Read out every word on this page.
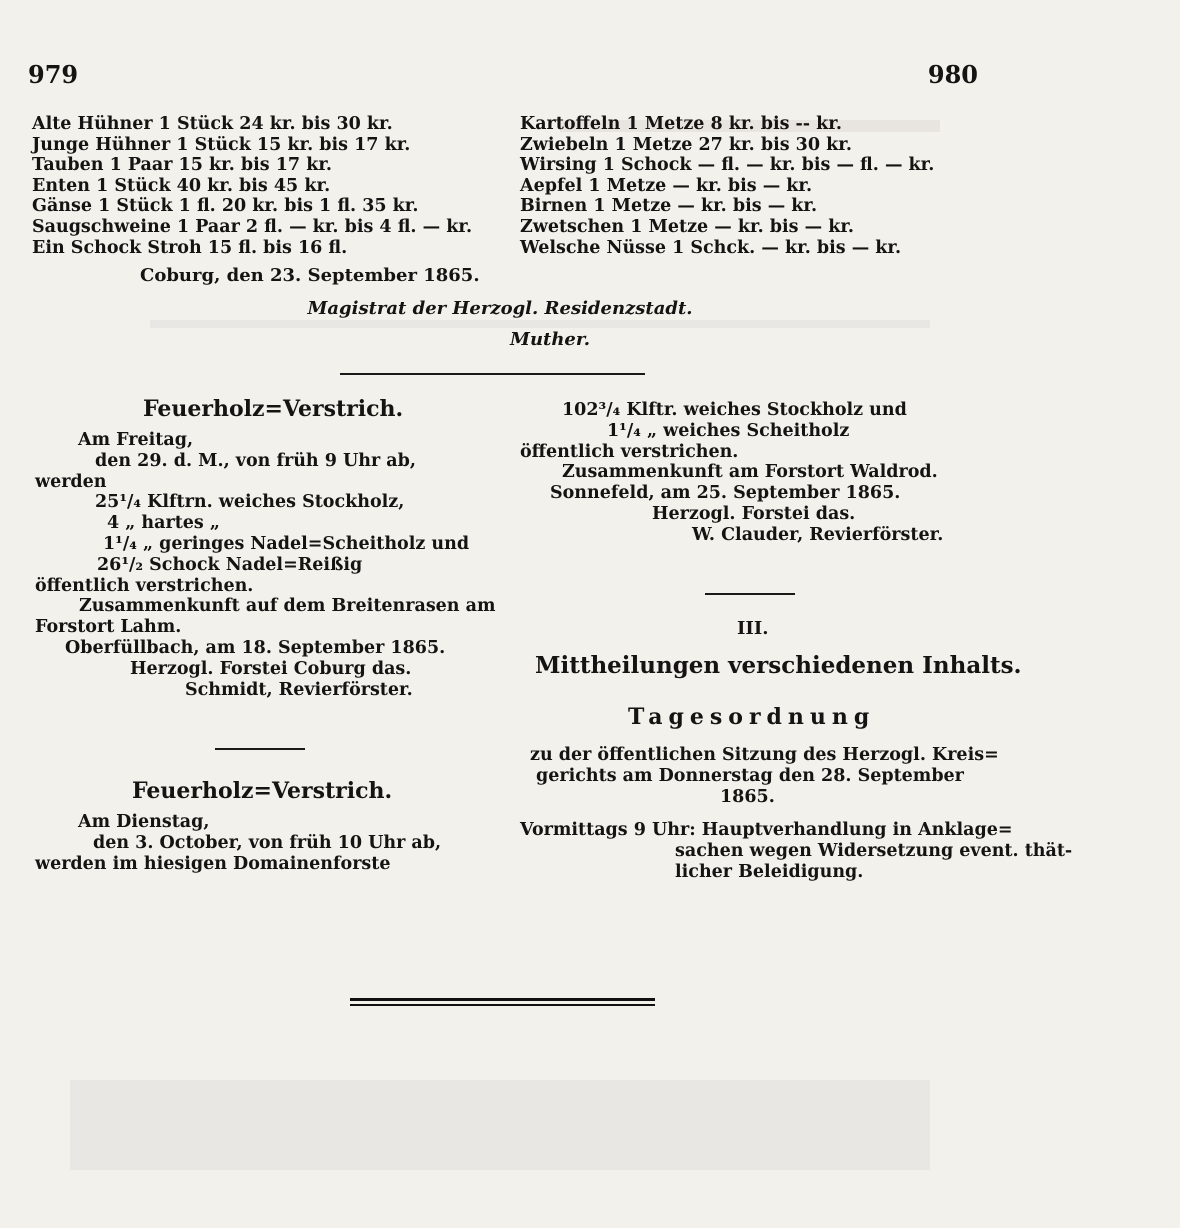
979	980
Alte Hühner 1 Stück 24 kr. bis 30 kr.
Junge Hühner 1 Stück 15 kr. bis 17 kr.
Tauben 1 Paar 15 kr. bis 17 kr.
Enten 1 Stück 40 kr. bis 45 kr.
Gänse 1 Stück 1 fl. 20 kr. bis 1 fl. 35 kr.
Saugschweine 1 Paar 2 fl. — kr. bis 4 fl. — kr.
Ein Schock Stroh 15 fl. bis 16 fl.
Kartoffeln 1 Metze 8 kr. bis -- kr.
Zwiebeln 1 Metze 27 kr. bis 30 kr.
Wirsing 1 Schock — fl. — kr. bis — fl. — kr.
Aepfel 1 Metze — kr. bis — kr.
Birnen 1 Metze — kr. bis — kr.
Zwetschen 1 Metze — kr. bis — kr.
Welsche Nüsse 1 Schck. — kr. bis — kr.
Coburg, den 23. September 1865.
Magistrat der Herzogl. Residenzstadt.
Muther.
Feuerholz=Verstrich.
Am Freitag,
den 29. d. M., von früh 9 Uhr ab,
werden
25¹/₄ Klftrn. weiches Stockholz,
4 „ hartes „
1¹/₄ „ geringes Nadel=Scheitholz und
26¹/₂ Schock Nadel=Reißig
öffentlich verstrichen.
Zusammenkunft auf dem Breitenrasen am
Forstort Lahm.
Oberfüllbach, am 18. September 1865.
Herzogl. Forstei Coburg das.
Schmidt, Revierförster.
Feuerholz=Verstrich.
Am Dienstag,
den 3. October, von früh 10 Uhr ab,
werden im hiesigen Domainenforste
102³/₄ Klftr. weiches Stockholz und
1¹/₄ „ weiches Scheitholz
öffentlich verstrichen.
Zusammenkunft am Forstort Waldrod.
Sonnefeld, am 25. September 1865.
Herzogl. Forstei das.
W. Clauder, Revierförster.
III.
Mittheilungen verschiedenen Inhalts.
Tagesordnung
zu der öffentlichen Sitzung des Herzogl. Kreis=
gerichts am Donnerstag den 28. September
1865.
Vormittags 9 Uhr: Hauptverhandlung in Anklage=
sachen wegen Widersetzung event. thät-
licher Beleidigung.
